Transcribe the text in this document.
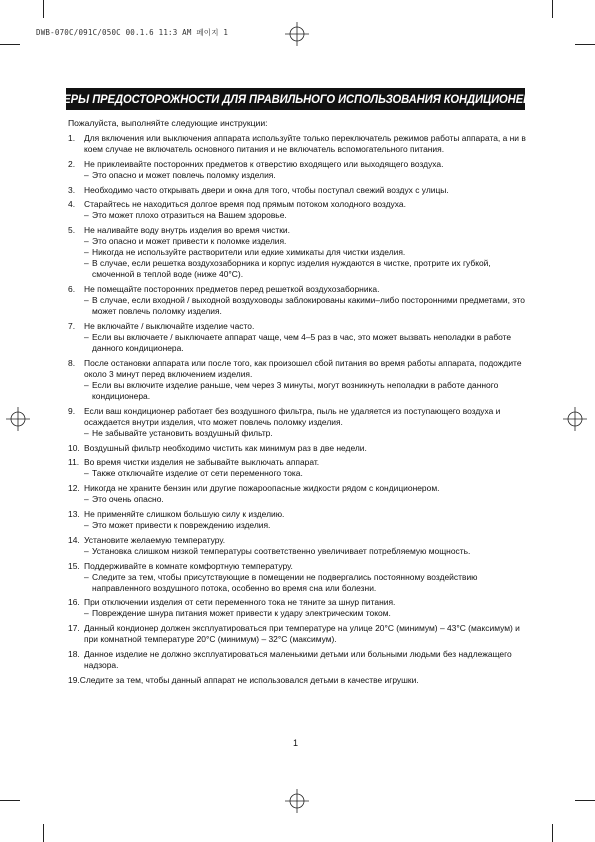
DWB-070C/091C/050C 00.1.6 11:3 AM 페이지 1
МЕРЫ ПРЕДОСТОРОЖНОСТИ ДЛЯ ПРАВИЛЬНОГО ИСПОЛЬЗОВАНИЯ КОНДИЦИОНЕРА
Пожалуйста, выполняйте следующие инструкции:
1.	Для включения или выключения аппарата используйте только переключатель режимов работы аппарата, а ни в коем случае не включатель основного питания и не включатель вспомогательного питания.
2.	Не приклеивайте посторонних предметов к отверстию входящего или выходящего воздуха.
– Это опасно и может повлечь поломку изделия.
3.	Необходимо часто открывать двери и окна для того, чтобы поступал свежий воздух с улицы.
4.	Старайтесь не находиться долгое время под прямым потоком холодного воздуха.
– Это может плохо отразиться на Вашем здоровье.
5.	Не наливайте воду внутрь изделия во время чистки.
– Это опасно и может привести к поломке изделия.
– Никогда не используйте растворители или едкие химикаты для чистки изделия.
– В случае, если решетка воздухозаборника и корпус изделия нуждаются в чистке, протрите их губкой, смоченной в теплой воде (ниже 40°C).
6.	Не помещайте посторонних предметов перед решеткой воздухозаборника.
– В случае, если входной / выходной воздуховоды заблокированы какими–либо посторонними предметами, это может повлечь поломку изделия.
7.	Не включайте / выключайте изделие часто.
– Если вы включаете / выключаете аппарат чаще, чем 4–5 раз в час, это может вызвать неполадки в работе данного кондиционера.
8.	После остановки аппарата или после того, как произошел сбой питания во время работы аппарата, подождите около 3 минут перед включением изделия.
– Если вы включите изделие раньше, чем через 3 минуты, могут возникнуть неполадки в работе данного кондиционера.
9.	Если ваш кондиционер работает без воздушного фильтра, пыль не удаляется из поступающего воздуха и осаждается внутри изделия, что может повлечь поломку изделия.
– Не забывайте установить воздушный фильтр.
10. Воздушный фильтр необходимо чистить как минимум раз в две недели.
11. Во время чистки изделия не забывайте выключать аппарат.
– Также отключайте изделие от сети переменного тока.
12. Никогда не храните бензин или другие пожароопасные жидкости рядом с кондиционером.
– Это очень опасно.
13. Не применяйте слишком большую силу к изделию.
– Это может привести к повреждению изделия.
14. Установите желаемую температуру.
– Установка слишком низкой температуры соответственно увеличивает потребляемую мощность.
15. Поддерживайте в комнате комфортную температуру.
– Следите за тем, чтобы присутствующие в помещении не подвергались постоянному воздействию направленного воздушного потока, особенно во время сна или болезни.
16. При отключении изделия от сети переменного тока не тяните за шнур питания.
– Повреждение шнура питания может привести к удару электрическим током.
17. Данный кондионер должен эксплуатироваться при температуре на улице 20°C (минимум) – 43°C (максимум) и при комнатной температуре 20°C (минимум) – 32°C (максимум).
18. Данное изделие не должно эксплуатироваться маленькими детьми или больными людьми без надлежащего надзора.
19. Следите за тем, чтобы данный аппарат не использовался детьми в качестве игрушки.
1
